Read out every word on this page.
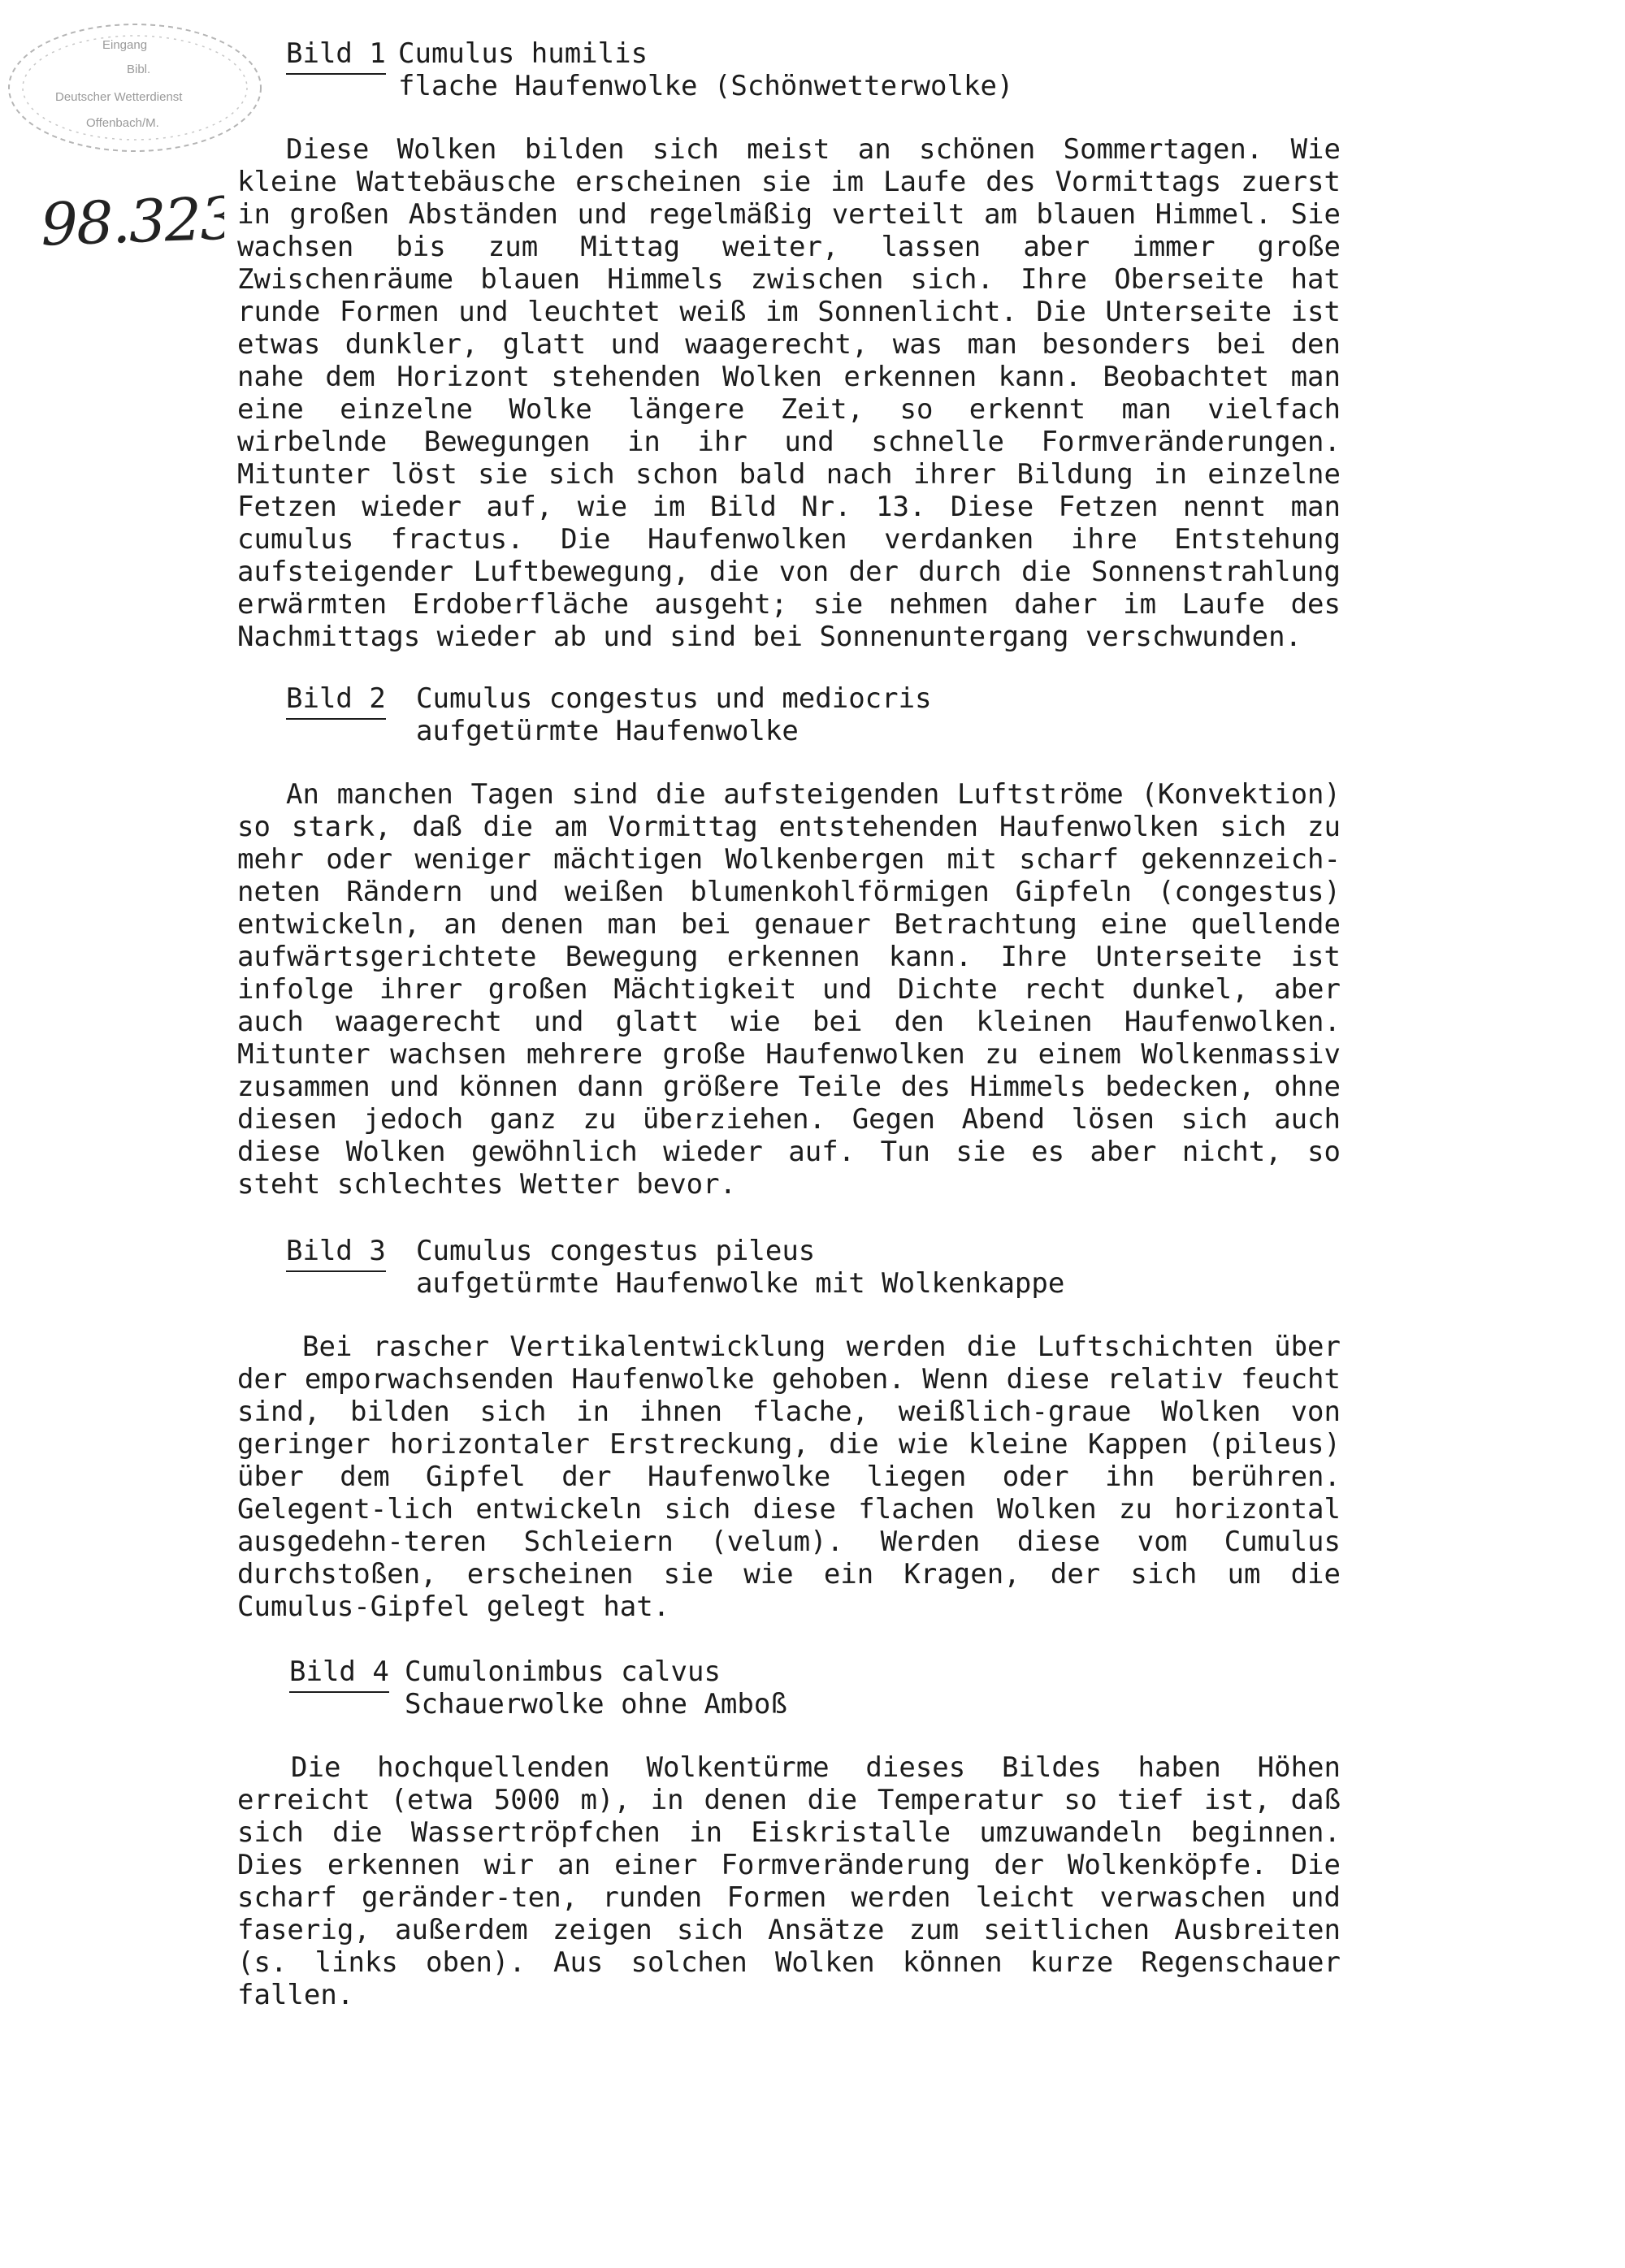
Eingang
Bibl.
Deutscher Wetterdienst
Offenbach/M.
98.323

Bild 1

Cumulus humilis

flache Haufenwolke (Schönwetterwolke)

Diese Wolken bilden sich meist an schönen Sommertagen. Wie kleine Wattebäusche erscheinen sie im Laufe des Vormittags zuerst in großen Abständen und regelmäßig verteilt am blauen Himmel. Sie wachsen bis zum Mittag weiter, lassen aber immer große Zwischenräume blauen Himmels zwischen sich. Ihre Oberseite hat runde Formen und leuchtet weiß im Sonnenlicht. Die Unterseite ist etwas dunkler, glatt und waagerecht, was man besonders bei den nahe dem Horizont stehenden Wolken erkennen kann. Beobachtet man eine einzelne Wolke längere Zeit, so erkennt man vielfach wirbelnde Bewegungen in ihr und schnelle Formveränderungen. Mitunter löst sie sich schon bald nach ihrer Bildung in einzelne Fetzen wieder auf, wie im Bild Nr. 13. Diese Fetzen nennt man cumulus fractus. Die Haufenwolken verdanken ihre Entstehung aufsteigender Luftbewegung, die von der durch die Sonnenstrahlung erwärmten Erdoberfläche ausgeht; sie nehmen daher im Laufe des Nachmittags wieder ab und sind bei Sonnenuntergang verschwunden.

Bild 2

Cumulus congestus und mediocris

aufgetürmte Haufenwolke

An manchen Tagen sind die aufsteigenden Luftströme (Konvektion) so stark, daß die am Vormittag entstehenden Haufenwolken sich zu mehr oder weniger mächtigen Wolkenbergen mit scharf gekennzeich-neten Rändern und weißen blumenkohlförmigen Gipfeln (congestus) entwickeln, an denen man bei genauer Betrachtung eine quellende aufwärtsgerichtete Bewegung erkennen kann. Ihre Unterseite ist infolge ihrer großen Mächtigkeit und Dichte recht dunkel, aber auch waagerecht und glatt wie bei den kleinen Haufenwolken. Mitunter wachsen mehrere große Haufenwolken zu einem Wolkenmassiv zusammen und können dann größere Teile des Himmels bedecken, ohne diesen jedoch ganz zu überziehen. Gegen Abend lösen sich auch diese Wolken gewöhnlich wieder auf. Tun sie es aber nicht, so steht schlechtes Wetter bevor.

Bild 3

Cumulus congestus pileus

aufgetürmte Haufenwolke mit Wolkenkappe

Bei rascher Vertikalentwicklung werden die Luftschichten über der emporwachsenden Haufenwolke gehoben. Wenn diese relativ feucht sind, bilden sich in ihnen flache, weißlich-graue Wolken von geringer horizontaler Erstreckung, die wie kleine Kappen (pileus) über dem Gipfel der Haufenwolke liegen oder ihn berühren. Gelegent-lich entwickeln sich diese flachen Wolken zu horizontal ausgedehn-teren Schleiern (velum). Werden diese vom Cumulus durchstoßen, erscheinen sie wie ein Kragen, der sich um die Cumulus-Gipfel gelegt hat.

Bild 4

Cumulonimbus calvus

Schauerwolke ohne Amboß

Die hochquellenden Wolkentürme dieses Bildes haben Höhen erreicht (etwa 5000 m), in denen die Temperatur so tief ist, daß sich die Wassertröpfchen in Eiskristalle umzuwandeln beginnen. Dies erkennen wir an einer Formveränderung der Wolkenköpfe. Die scharf geränder-ten, runden Formen werden leicht verwaschen und faserig, außerdem zeigen sich Ansätze zum seitlichen Ausbreiten (s. links oben). Aus solchen Wolken können kurze Regenschauer fallen.
